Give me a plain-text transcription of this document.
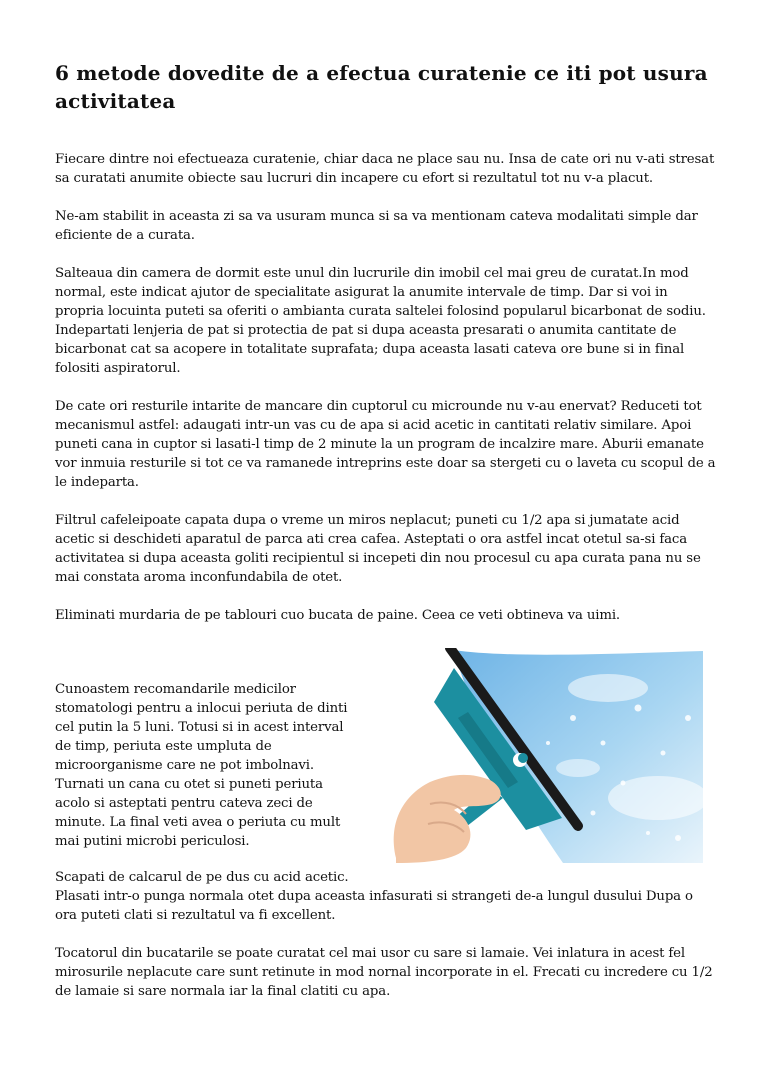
6 metode dovedite de a efectua curatenie ce iti pot usura activitatea

Fiecare dintre noi efectueaza curatenie, chiar daca ne place sau nu. Insa de cate ori nu v-ati stresat sa curatati anumite obiecte sau lucruri din incapere cu efort si rezultatul tot nu v-a placut.

Ne-am stabilit in aceasta zi sa va usuram munca si sa va mentionam cateva modalitati simple dar eficiente de a curata.

Salteaua din camera de dormit este unul din lucrurile din imobil cel mai greu de curatat.In mod normal, este indicat ajutor de specialitate asigurat la anumite intervale de timp. Dar si voi in propria locuinta puteti sa oferiti o ambianta curata saltelei folosind popularul bicarbonat de sodiu. Indepartati lenjeria de pat si protectia de pat si dupa aceasta presarati o anumita cantitate de bicarbonat cat sa acopere in totalitate suprafata; dupa aceasta lasati cateva ore bune si in final folositi aspiratorul.

De cate ori resturile intarite de mancare din cuptorul cu microunde nu v-au enervat? Reduceti tot mecanismul astfel: adaugati intr-un vas cu de apa si acid acetic in cantitati relativ similare. Apoi puneti cana in cuptor si lasati-l timp de 2 minute la un program de incalzire mare. Aburii emanate vor inmuia resturile si tot ce va ramanede intreprins este doar sa stergeti cu o laveta cu scopul de a le indeparta.

Filtrul cafeleipoate capata dupa o vreme un miros neplacut; puneti cu 1/2 apa si jumatate acid acetic si deschideti aparatul de parca ati crea cafea. Asteptati o ora astfel incat otetul sa-si faca activitatea si dupa aceasta goliti recipientul si incepeti din nou procesul cu apa curata pana nu se mai constata aroma inconfundabila de otet.

Eliminati murdaria de pe tablouri cuo bucata de paine. Ceea ce veti obtineva va uimi.

Cunoastem recomandarile medicilor stomatologi pentru a inlocui periuta de dinti cel putin la 5 luni. Totusi si in acest interval de timp, periuta este umpluta de microorganisme care ne pot imbolnavi. Turnati un cana cu otet si puneti periuta acolo si asteptati pentru cateva zeci de minute. La final veti avea o periuta cu mult mai putini microbi periculosi.

Scapati de calcarul de pe dus cu acid acetic.
Plasati intr-o punga normala otet dupa aceasta infasurati si strangeti de-a lungul dusului Dupa o ora puteti clati si rezultatul va fi excellent.

Tocatorul din bucatarile se poate curatat cel mai usor cu sare si lamaie. Vei inlatura in acest fel mirosurile neplacute care sunt retinute in mod nornal incorporate in el. Frecati cu incredere cu 1/2 de lamaie si sare normala iar la final clatiti cu apa.
